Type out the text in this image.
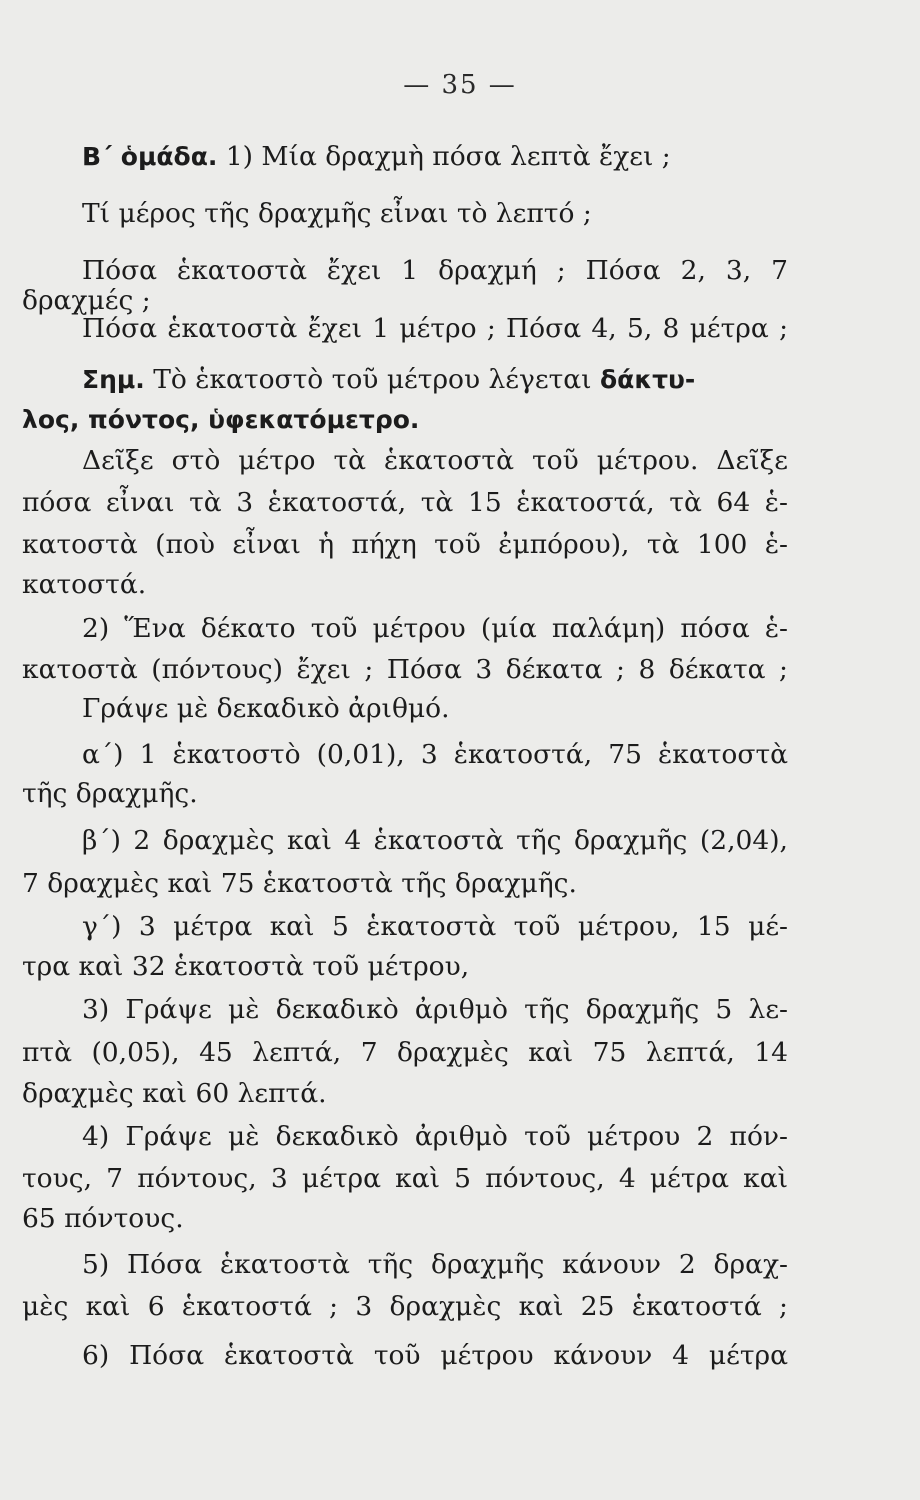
— 35 —
Β΄ ὁμάδα. 1) Μία δραχμὴ πόσα λεπτὰ ἔχει ;
Τί μέρος τῆς δραχμῆς εἶναι τὸ λεπτό ;
Πόσα ἑκατοστὰ ἔχει 1 δραχμή ; Πόσα 2, 3, 7
δραχμές ;
Πόσα ἑκατοστὰ ἔχει 1 μέτρο ; Πόσα 4, 5, 8 μέτρα ;
Σημ. Τὸ ἑκατοστὸ τοῦ μέτρου λέγεται δάκτυ-
λος, πόντος, ὑφεκατόμετρο.
Δεῖξε στὸ μέτρο τὰ ἑκατοστὰ τοῦ μέτρου. Δεῖξε
πόσα εἶναι τὰ 3 ἑκατοστά, τὰ 15 ἑκατοστά, τὰ 64 ἑ-
κατοστὰ (ποὺ εἶναι ἡ πήχη τοῦ ἐμπόρου), τὰ 100 ἑ-
κατοστά.
2) Ἕνα δέκατο τοῦ μέτρου (μία παλάμη) πόσα ἑ-
κατοστὰ (πόντους) ἔχει ; Πόσα 3 δέκατα ; 8 δέκατα ;
Γράψε μὲ δεκαδικὸ ἀριθμό.
α΄) 1 ἑκατοστὸ (0,01), 3 ἑκατοστά, 75 ἑκατοστὰ
τῆς δραχμῆς.
β΄) 2 δραχμὲς καὶ 4 ἑκατοστὰ τῆς δραχμῆς (2,04),
7 δραχμὲς καὶ 75 ἑκατοστὰ τῆς δραχμῆς.
γ΄) 3 μέτρα καὶ 5 ἑκατοστὰ τοῦ μέτρου, 15 μέ-
τρα καὶ 32 ἑκατοστὰ τοῦ μέτρου,
3) Γράψε μὲ δεκαδικὸ ἀριθμὸ τῆς δραχμῆς 5 λε-
πτὰ (0,05), 45 λεπτά, 7 δραχμὲς καὶ 75 λεπτά, 14
δραχμὲς καὶ 60 λεπτά.
4) Γράψε μὲ δεκαδικὸ ἀριθμὸ τοῦ μέτρου 2 πόν-
τους, 7 πόντους, 3 μέτρα καὶ 5 πόντους, 4 μέτρα καὶ
65 πόντους.
5) Πόσα ἑκατοστὰ τῆς δραχμῆς κάνουν 2 δραχ-
μὲς καὶ 6 ἑκατοστά ; 3 δραχμὲς καὶ 25 ἑκατοστά ;
6) Πόσα ἑκατοστὰ τοῦ μέτρου κάνουν 4 μέτρα
